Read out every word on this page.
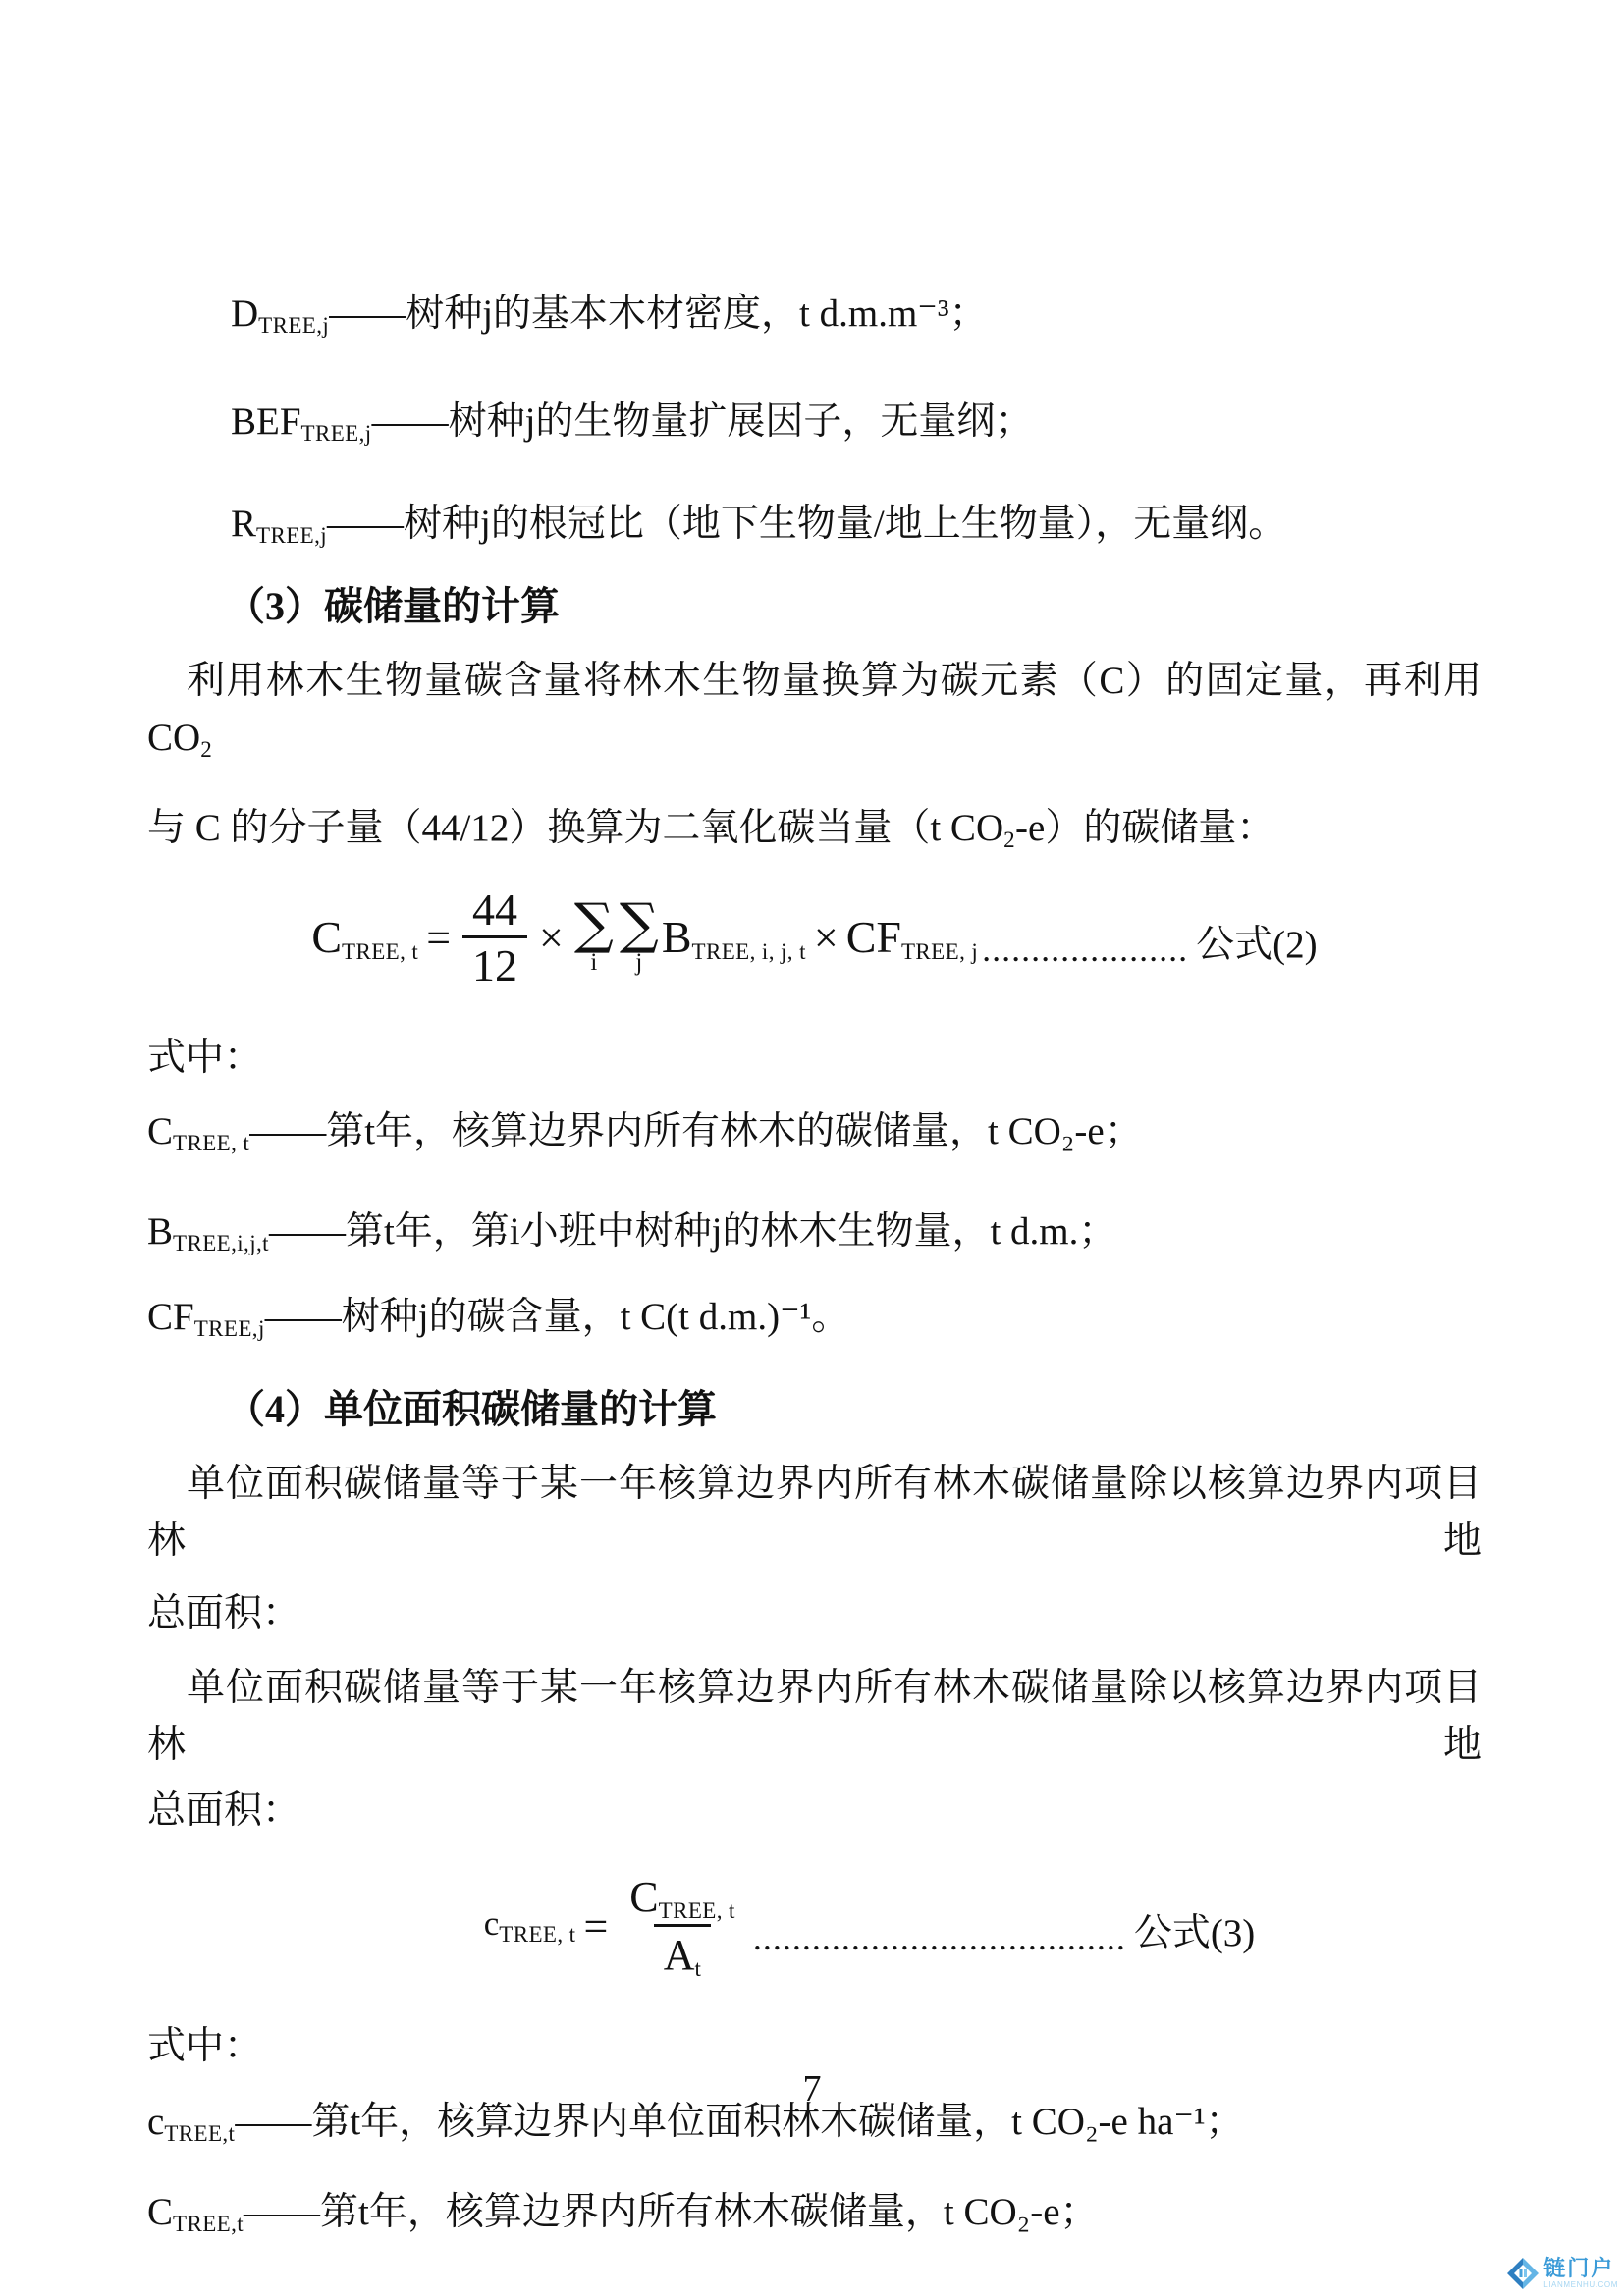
DTREE,j——树种j的基本木材密度，t d.m.m⁻³；
BEFTREE,j——树种j的生物量扩展因子，无量纲；
RTREE,j——树种j的根冠比（地下生物量/地上生物量），无量纲。
（3）碳储量的计算
利用林木生物量碳含量将林木生物量换算为碳元素（C）的固定量，再利用 CO2
与 C 的分子量（44/12）换算为二氧化碳当量（t CO2-e）的碳储量：
CTREE, $t = \frac{44}{12}$ × ∑
i
∑
j
BTREE, i, j, t × CFTREE, j ..................... 公式(2)
式中：
CTREE, t——第t年，核算边界内所有林木的碳储量，t CO₂-e；
BTREE,i,j,t——第t年，第i小班中树种j的林木生物量，t d.m.；
CFTREE,j——树种j的碳含量，t C(t d.m.)⁻¹。
（4）单位面积碳储量的计算
单位面积碳储量等于某一年核算边界内所有林木碳储量除以核算边界内项目林地
总面积：
单位面积碳储量等于某一年核算边界内所有林木碳储量除以核算边界内项目林地
总面积：
cTREE, $t = \frac{\text{CTREE, t}}{At}$ ...................................... 公式(3)
式中：
cTREE,t——第t年，核算边界内单位面积林木碳储量，t CO₂-e ha⁻¹；
CTREE,t——第t年，核算边界内所有林木碳储量，t CO₂-e；
7
链门户
LIANMENHU.COM
